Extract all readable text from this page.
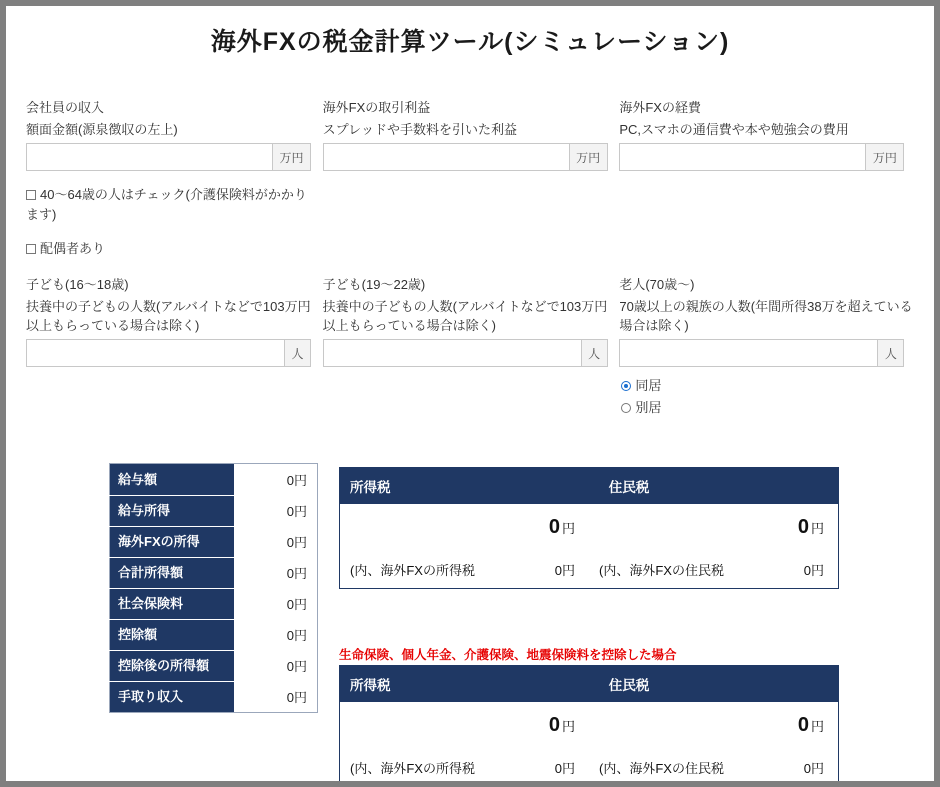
海外FXの税金計算ツール(シミュレーション)
会社員の収入
額面金額(源泉徴収の左上)
万円
海外FXの取引利益
スプレッドや手数料を引いた利益
万円
海外FXの経費
PC,スマホの通信費や本や勉強会の費用
万円
40〜64歳の人はチェック(介護保険料がかかります)
配偶者あり
子ども(16〜18歳)
扶養中の子どもの人数(アルバイトなどで103万円以上もらっている場合は除く)
人
子ども(19〜22歳)
扶養中の子どもの人数(アルバイトなどで103万円以上もらっている場合は除く)
人
老人(70歳〜)
70歳以上の親族の人数(年間所得38万を超えている場合は除く)
人
同居
別居
給与額	0円
給与所得	0円
海外FXの所得	0円
合計所得額	0円
社会保険料	0円
控除額	0円
控除後の所得額	0円
手取り収入	0円
所得税	住民税
0 円	0 円
(内、海外FXの所得税	0円 (内、海外FXの住民税	0円
生命保険、個人年金、介護保険、地震保険料を控除した場合
所得税	住民税
0 円	0 円
(内、海外FXの所得税	0円 (内、海外FXの住民税	0円
